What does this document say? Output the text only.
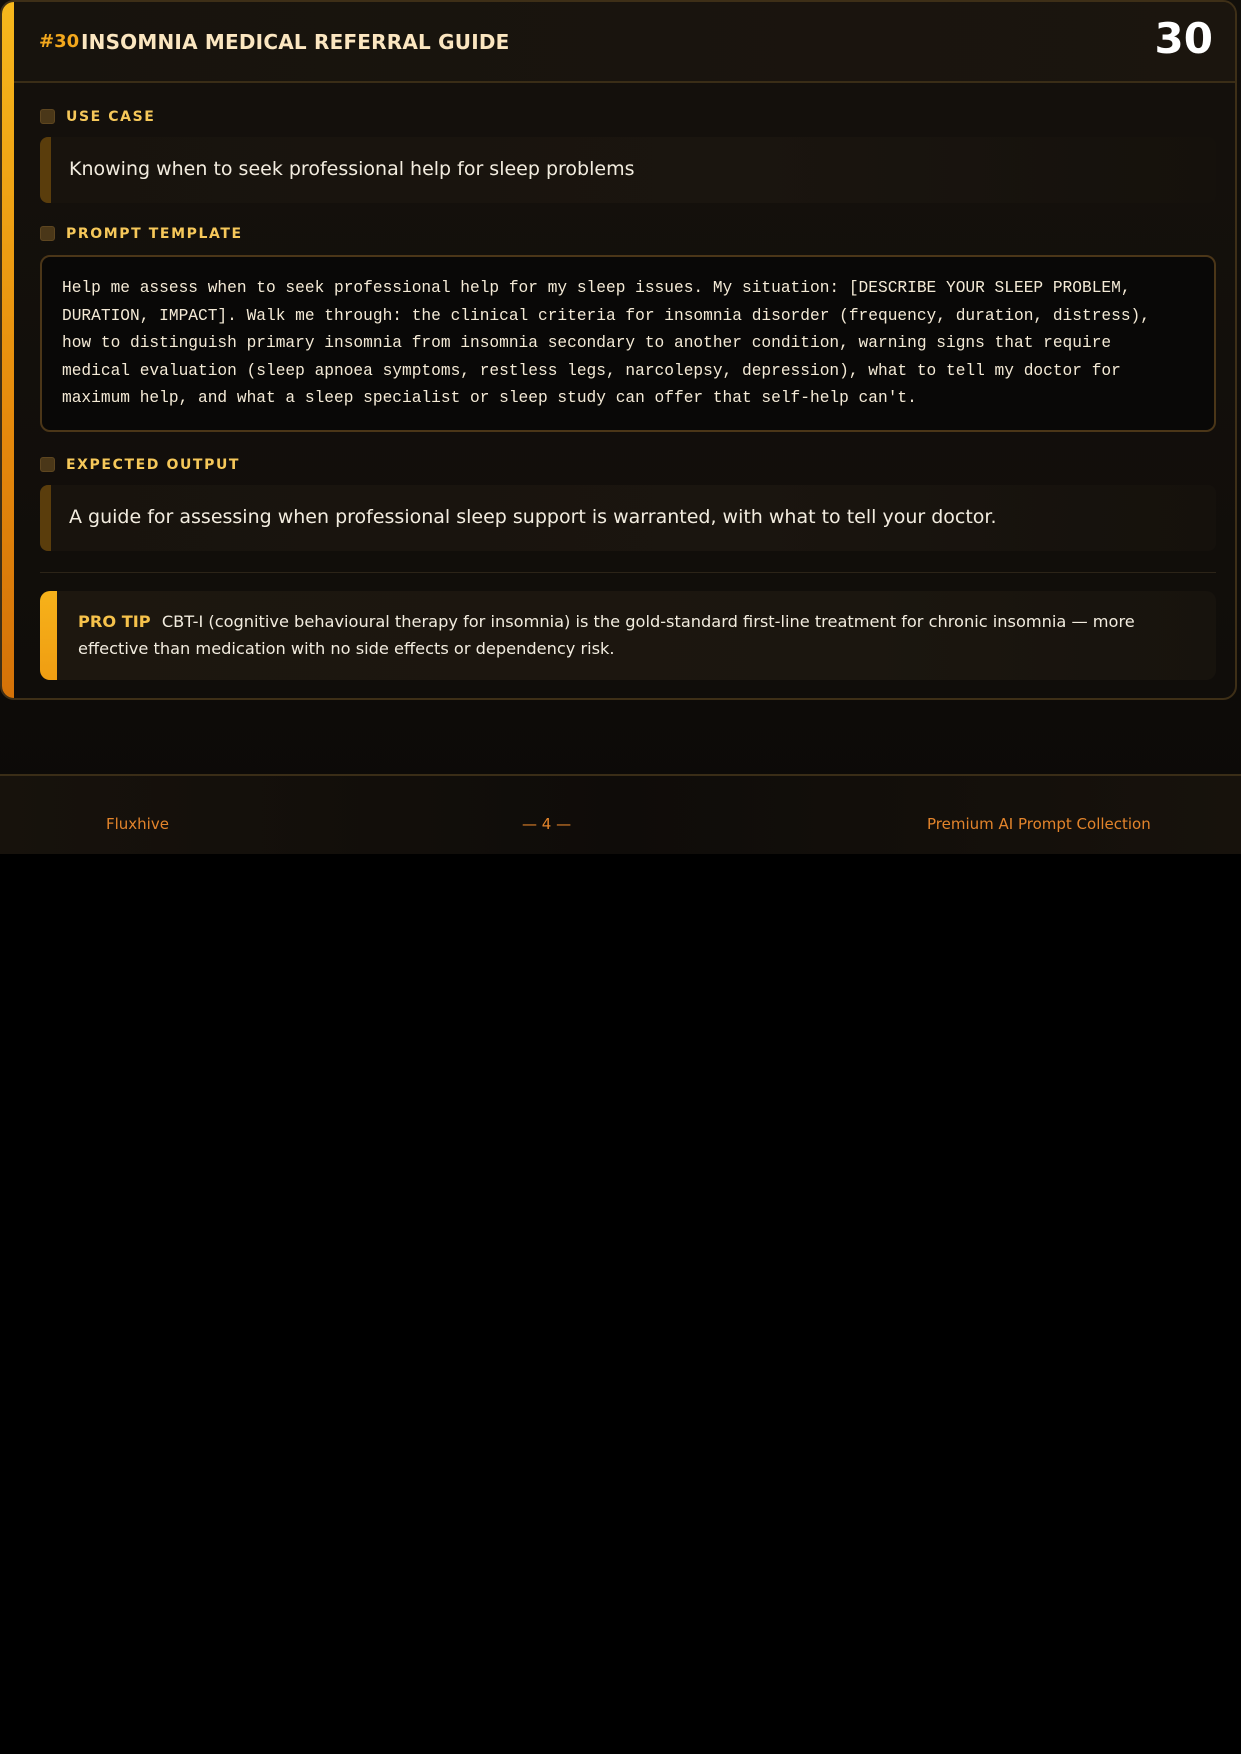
#30 INSOMNIA MEDICAL REFERRAL GUIDE	30
USE CASE
Knowing when to seek professional help for sleep problems
PROMPT TEMPLATE
Help me assess when to seek professional help for my sleep issues. My situation: [DESCRIBE YOUR SLEEP PROBLEM,
DURATION, IMPACT]. Walk me through: the clinical criteria for insomnia disorder (frequency, duration, distress),
how to distinguish primary insomnia from insomnia secondary to another condition, warning signs that require
medical evaluation (sleep apnoea symptoms, restless legs, narcolepsy, depression), what to tell my doctor for
maximum help, and what a sleep specialist or sleep study can offer that self-help can't.
EXPECTED OUTPUT
A guide for assessing when professional sleep support is warranted, with what to tell your doctor.
PRO TIP CBT-I (cognitive behavioural therapy for insomnia) is the gold-standard first-line treatment for chronic insomnia — more effective than medication with no side effects or dependency risk.
Fluxhive	— 4 —	Premium AI Prompt Collection
